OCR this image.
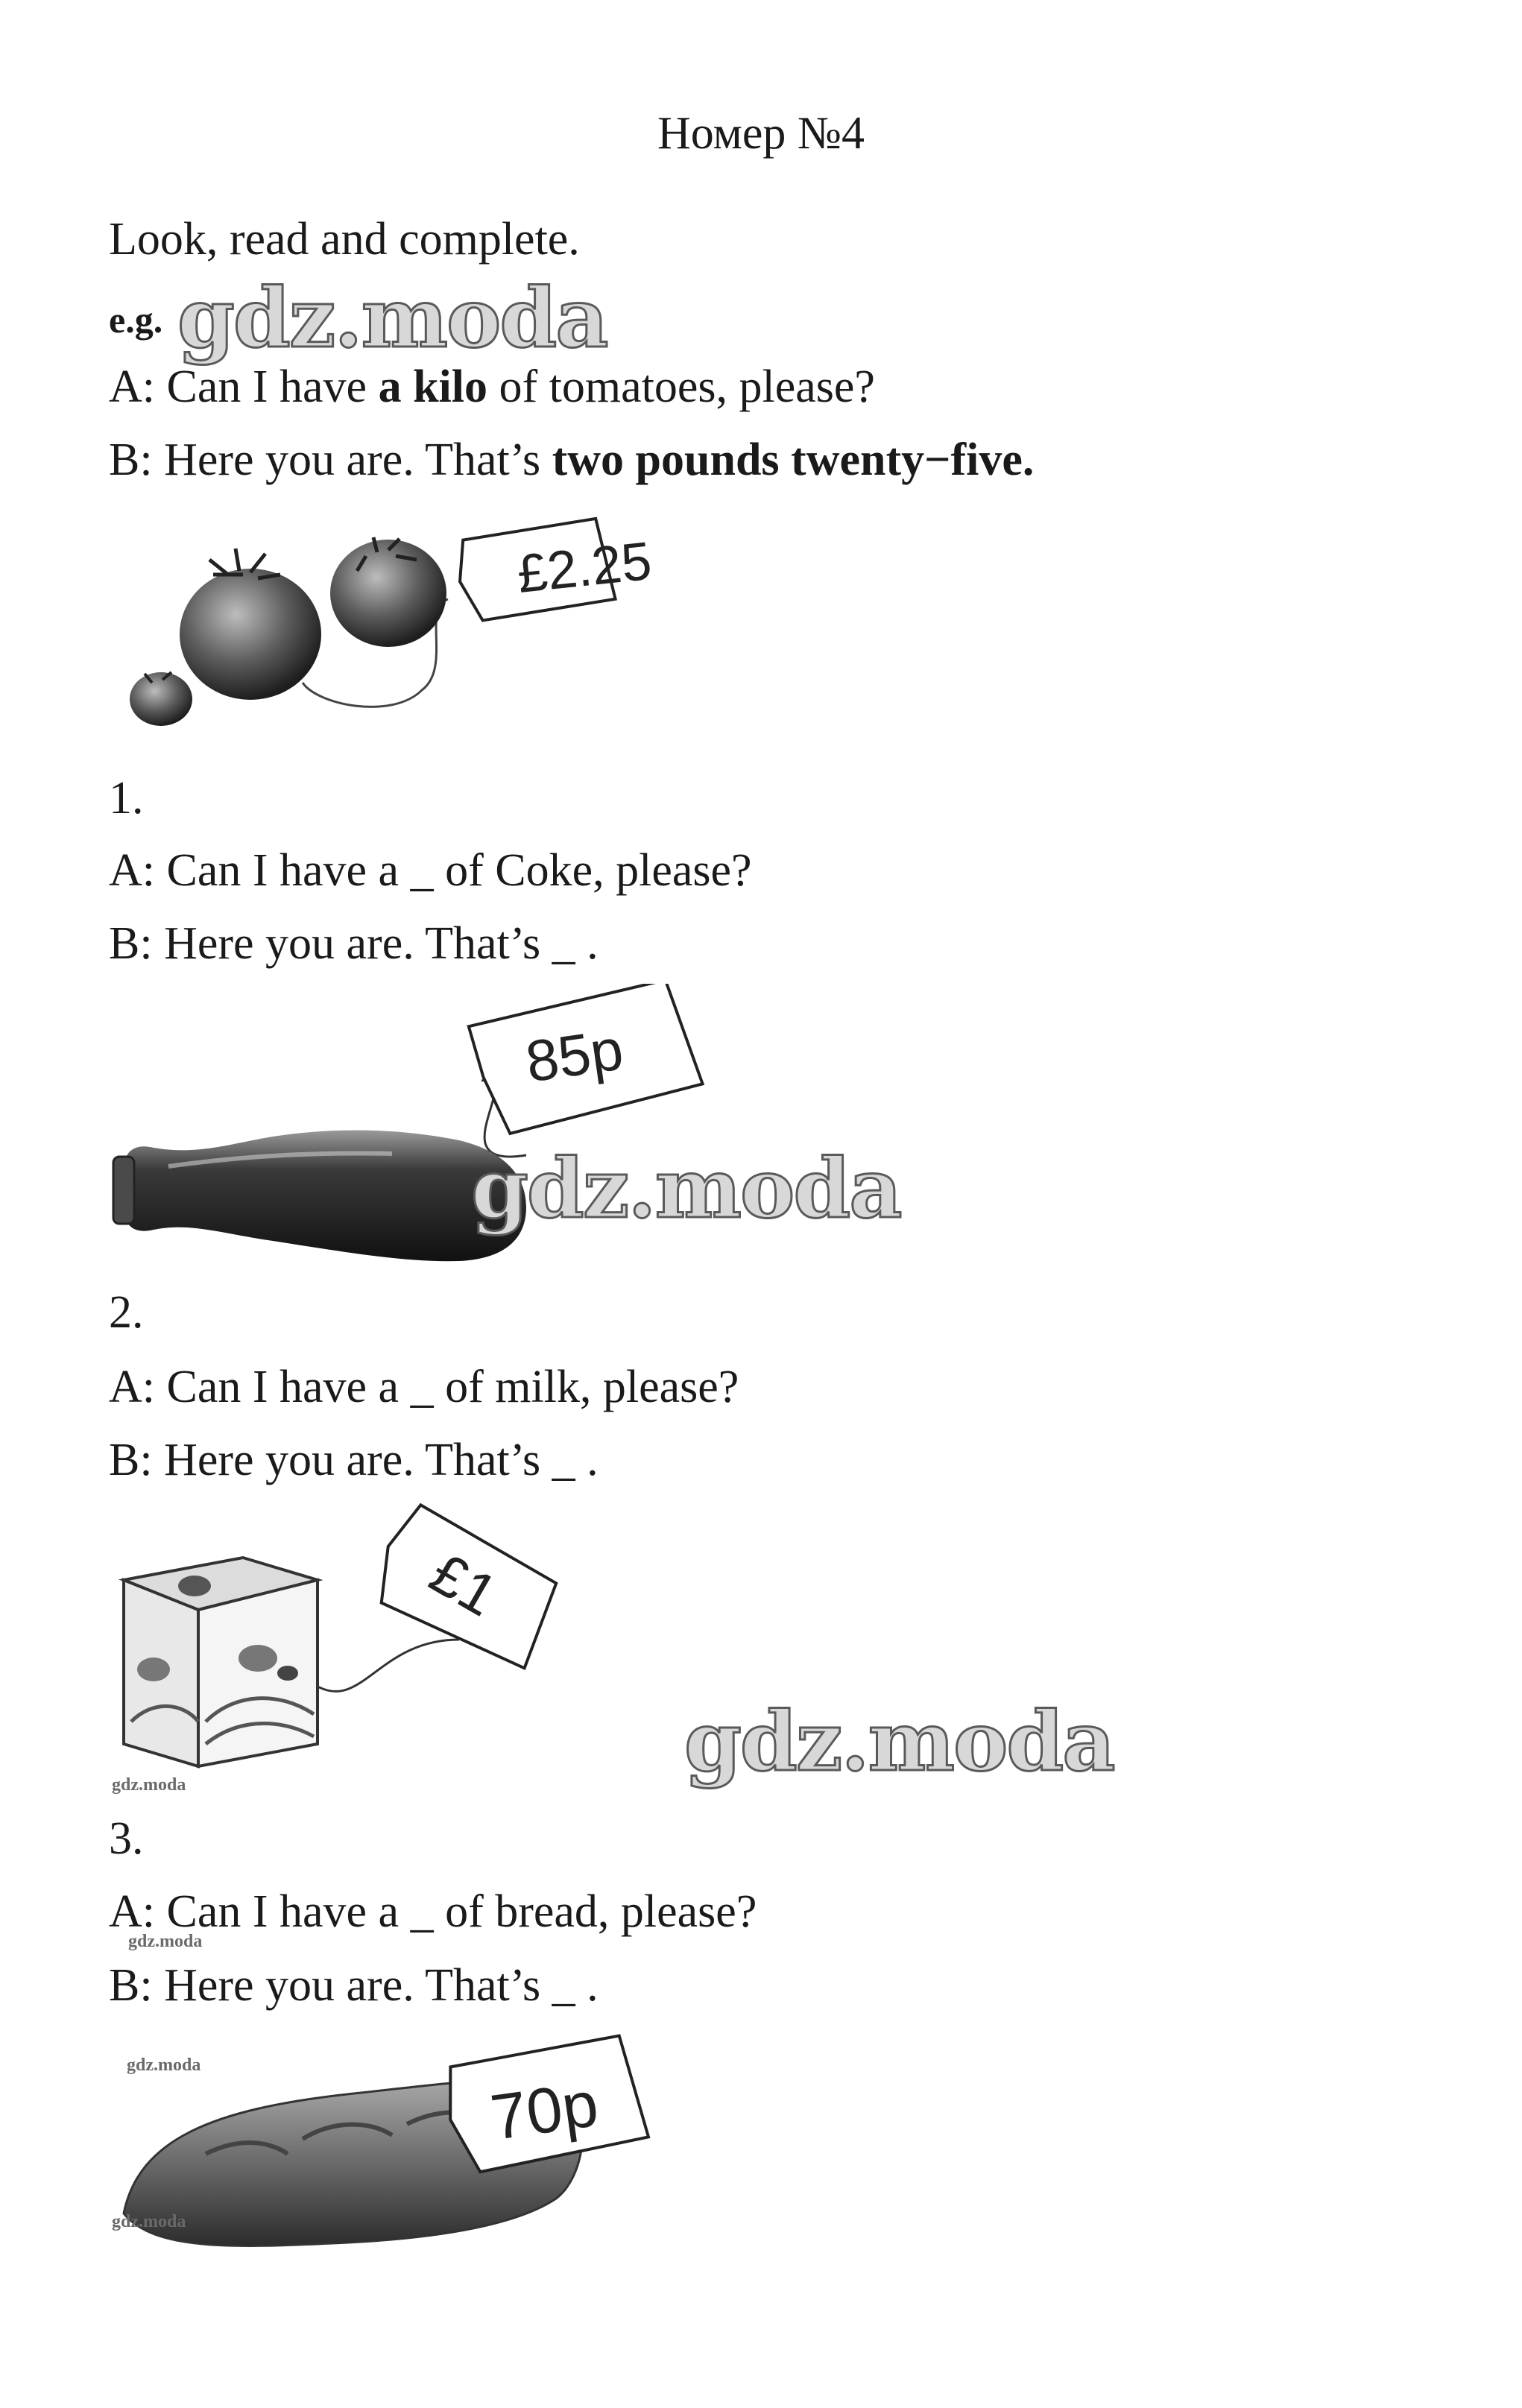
Номер №4
Look, read and complete.
e.g. gdz.moda
A: Can I have a kilo of tomatoes, please?
B: Here you are. That’s two pounds twenty−five.
£2.25
1.
A: Can I have a _ of Coke, please?
B: Here you are. That’s _ .
85p
gdz.moda
2.
A: Can I have a _ of milk, please?
B: Here you are. That’s _ .
£1
gdz.moda	gdz.moda
3.
A: Can I have a _ of bread, please?
gdz.moda
B: Here you are. That’s _ .
70p
gdz.moda
gdz.moda
